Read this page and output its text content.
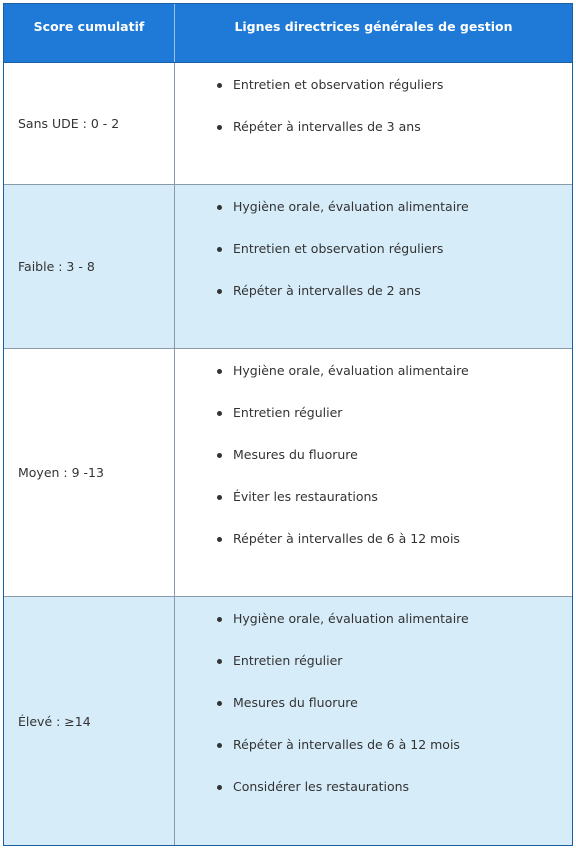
Score cumulatif	Lignes directrices générales de gestion
Sans UDE : 0 - 2
Entretien et observation réguliers
Répéter à intervalles de 3 ans
Faible : 3 - 8
Hygiène orale, évaluation alimentaire
Entretien et observation réguliers
Répéter à intervalles de 2 ans
Moyen : 9 -13
Hygiène orale, évaluation alimentaire
Entretien régulier
Mesures du fluorure
Éviter les restaurations
Répéter à intervalles de 6 à 12 mois
Élevé : ≥14
Hygiène orale, évaluation alimentaire
Entretien régulier
Mesures du fluorure
Répéter à intervalles de 6 à 12 mois
Considérer les restaurations
